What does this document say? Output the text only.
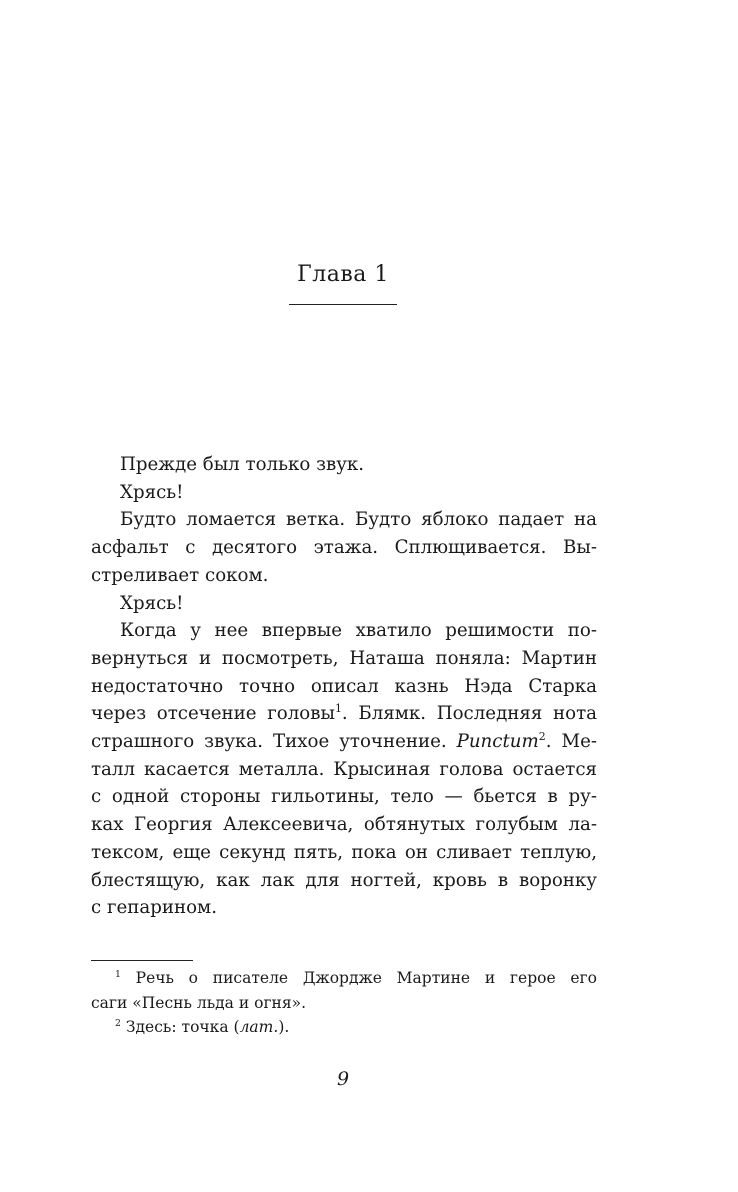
Глава 1
Прежде был только звук.
Хрясь!
Будто ломается ветка. Будто яблоко падает на
асфальт с десятого этажа. Сплющивается. Вы-
стреливает соком.
Хрясь!
Когда у нее впервые хватило решимости по-
вернуться и посмотреть, Наташа поняла: Мартин
недостаточно точно описал казнь Нэда Старка
через отсечение головы$^1$. Блямк. Последняя нота
страшного звука. Тихое уточнение. Punctum$^2$. Ме-
талл касается металла. Крысиная голова остается
с одной стороны гильотины, тело — бьется в ру-
ках Георгия Алексеевича, обтянутых голубым ла-
тексом, еще секунд пять, пока он сливает теплую,
блестящую, как лак для ногтей, кровь в воронку
с гепарином.
$^1$ Речь о писателе Джордже Мартине и герое его
саги «Песнь льда и огня».
$^2$ Здесь: точка (лат.).
9
